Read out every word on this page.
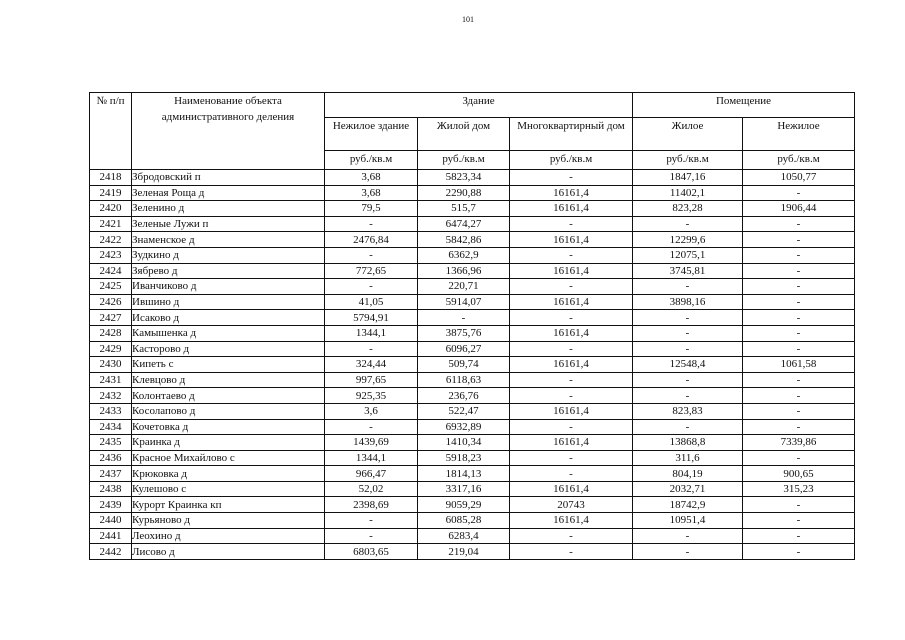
101
№ п/п	Наименование объекта административного деления	Здание			Помещение	
		Нежилое здание	Жилой дом	Многоквартирный дом	Жилое	Нежилое
		руб./кв.м	руб./кв.м	руб./кв.м	руб./кв.м	руб./кв.м
2418	Збродовский п	3,68	5823,34	-	1847,16	1050,77
2419	Зеленая Роща д	3,68	2290,88	16161,4	11402,1	-
2420	Зеленино д	79,5	515,7	16161,4	823,28	1906,44
2421	Зеленые Лужи п	-	6474,27	-	-	-
2422	Знаменское д	2476,84	5842,86	16161,4	12299,6	-
2423	Зудкино д	-	6362,9	-	12075,1	-
2424	Зябрево д	772,65	1366,96	16161,4	3745,81	-
2425	Иванчиково д	-	220,71	-	-	-
2426	Ившино д	41,05	5914,07	16161,4	3898,16	-
2427	Исаково д	5794,91	-	-	-	-
2428	Камышенка д	1344,1	3875,76	16161,4	-	-
2429	Касторово д	-	6096,27	-	-	-
2430	Кипеть с	324,44	509,74	16161,4	12548,4	1061,58
2431	Клевцово д	997,65	6118,63	-	-	-
2432	Колонтаево д	925,35	236,76	-	-	-
2433	Косолапово д	3,6	522,47	16161,4	823,83	-
2434	Кочетовка д	-	6932,89	-	-	-
2435	Краинка д	1439,69	1410,34	16161,4	13868,8	7339,86
2436	Красное Михайлово с	1344,1	5918,23	-	311,6	-
2437	Крюковка д	966,47	1814,13	-	804,19	900,65
2438	Кулешово с	52,02	3317,16	16161,4	2032,71	315,23
2439	Курорт Краинка кп	2398,69	9059,29	20743	18742,9	-
2440	Курьяново д	-	6085,28	16161,4	10951,4	-
2441	Леохино д	-	6283,4	-	-	-
2442	Лисово д	6803,65	219,04	-	-	-
